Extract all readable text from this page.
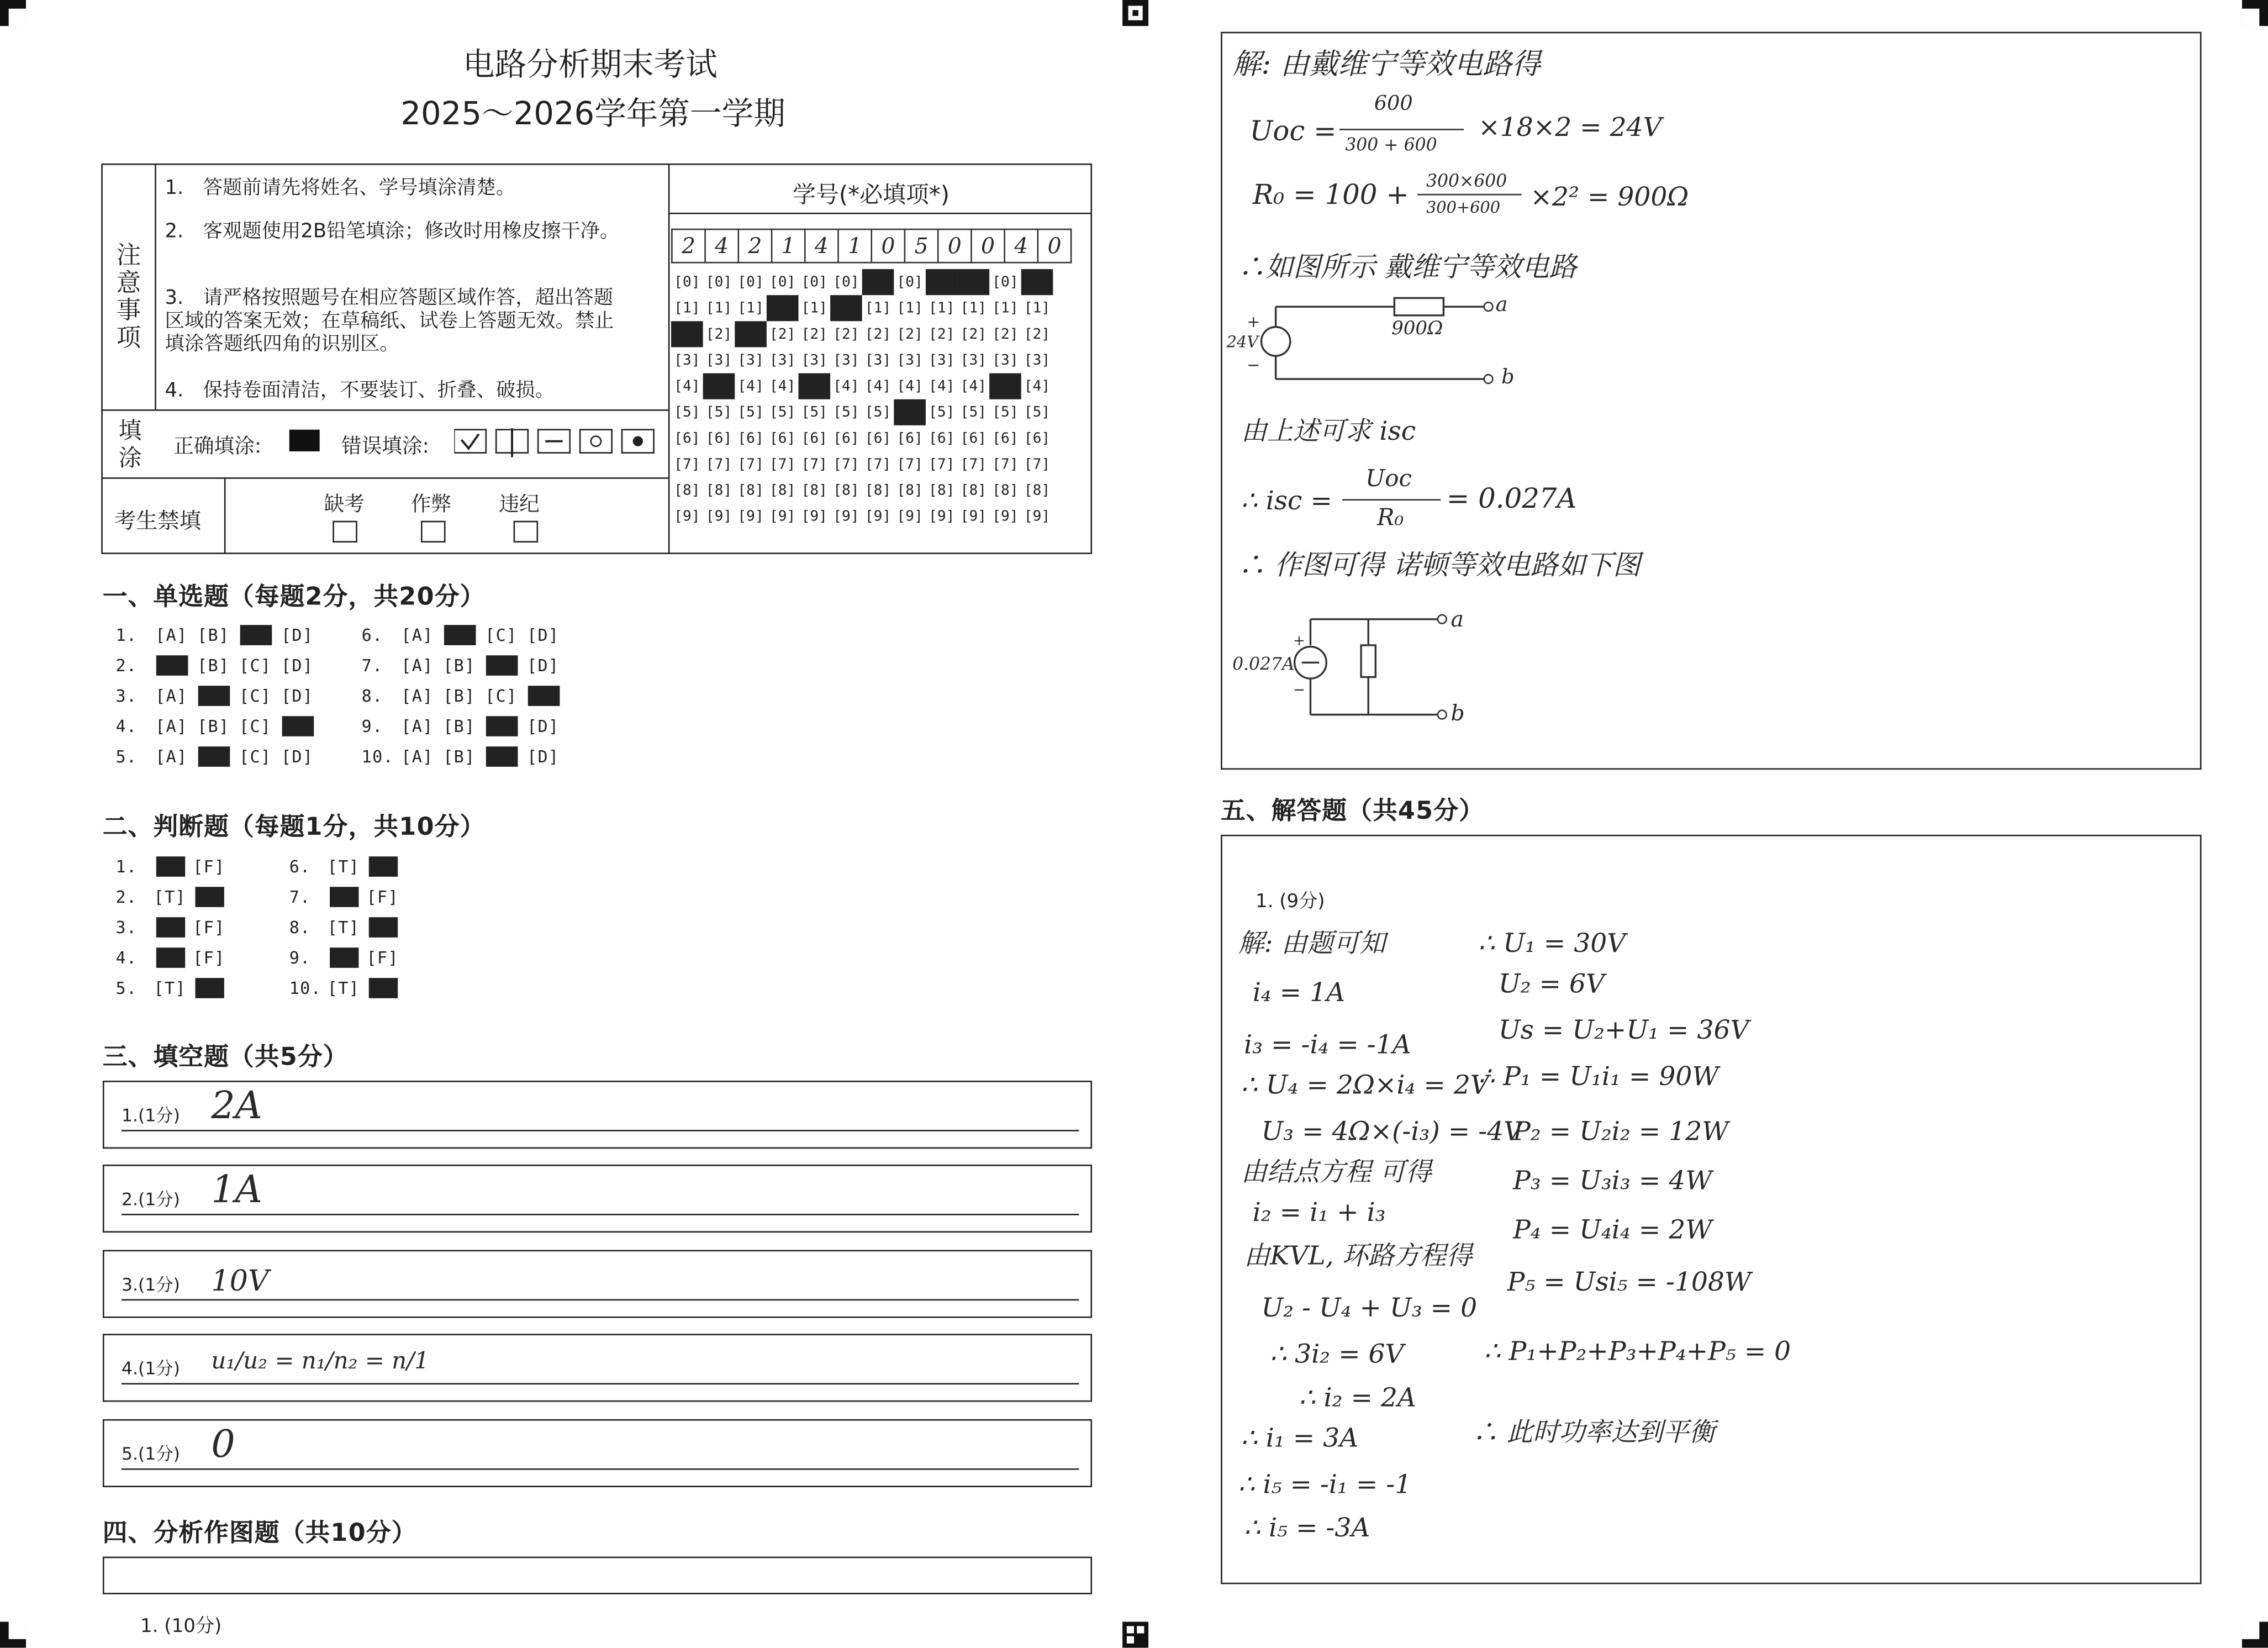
电路分析期末考试
2025～2026学年第一学期
注意事项
1.　答题前请先将姓名、学号填涂清楚。
2.　客观题使用2B铅笔填涂；修改时用橡皮擦干净。
3.　请严格按照题号在相应答题区域作答，超出答题区域的答案无效；在草稿纸、试卷上答题无效。禁止填涂答题纸四角的识别区。
4.　保持卷面清洁，不要装订、折叠、破损。
填涂	正确填涂:	错误填涂:
考生禁填
缺考	作弊	违纪
学号(*必填项*)
2	4	2	1	4	1	0	5	0	0	4	0
[0]	[0]	[0]	[0]	[0]	[0]	[0]	[0]	[0]	[0]	[0]	[0]
[1]	[1]	[1]	[1]	[1]	[1]	[1]	[1]	[1]	[1]	[1]	[1]
[2]	[2]	[2]	[2]	[2]	[2]	[2]	[2]	[2]	[2]	[2]	[2]
[3]	[3]	[3]	[3]	[3]	[3]	[3]	[3]	[3]	[3]	[3]	[3]
[4]	[4]	[4]	[4]	[4]	[4]	[4]	[4]	[4]	[4]	[4]	[4]
[5]	[5]	[5]	[5]	[5]	[5]	[5]	[5]	[5]	[5]	[5]	[5]
[6]	[6]	[6]	[6]	[6]	[6]	[6]	[6]	[6]	[6]	[6]	[6]
[7]	[7]	[7]	[7]	[7]	[7]	[7]	[7]	[7]	[7]	[7]	[7]
[8]	[8]	[8]	[8]	[8]	[8]	[8]	[8]	[8]	[8]	[8]	[8]
[9]	[9]	[9]	[9]	[9]	[9]	[9]	[9]	[9]	[9]	[9]	[9]
一、单选题（每题2分，共20分）
1.	[A] [B] [C] [D]
2.	[A] [B] [C] [D]
3.	[A] [B] [C] [D]
4.	[A] [B] [C] [D]
5.	[A] [B] [C] [D]
6.	[A] [B] [C] [D]
7.	[A] [B] [C] [D]
8.	[A] [B] [C] [D]
9.	[A] [B] [C] [D]
10. [A] [B] [C] [D]
二、判断题（每题1分，共10分）
1.	[T] [F]
2.	[T] [F]
3.	[T] [F]
4.	[T] [F]
5.	[T] [F]
6.	[T] [F]
7.	[T] [F]
8.	[T] [F]
9.	[T] [F]
10. [T] [F]
三、填空题（共5分）
1.(1分) 2A
2.(1分) 1A
3.(1分)	10V
4.(1分)	u₁/u₂ = n₁/n₂ = n/1
5.(1分) 0
四、分析作图题（共10分）
1. (10分)
解: 由戴维宁等效电路得
Uoc =
600
300 + 600
×18×2 = 24V
R₀ = 100 +	300×600
300+600	×2² = 900Ω
∴如图所示 戴维宁等效电路
+
−
24V
900Ω
a
b
由上述可求 isc
∴ isc =
Uoc
R₀
= 0.027A
∴ 作图可得 诺顿等效电路如下图
+
−
0.027A
a
b
五、解答题（共45分）
1. (9分)
解: 由题可知
i₄ = 1A
i₃ = -i₄ = -1A
∴ U₄ = 2Ω×i₄ = 2V
U₃ = 4Ω×(-i₃) = -4V
由结点方程 可得
i₂ = i₁ + i₃
由KVL, 环路方程得
U₂ - U₄ + U₃ = 0
∴ 3i₂ = 6V
∴ i₂ = 2A
∴ i₁ = 3A
∴ i₅ = -i₁ = -1
∴ i₅ = -3A
∴ U₁ = 30V
U₂ = 6V
Us = U₂+U₁ = 36V
∴ P₁ = U₁i₁ = 90W
P₂ = U₂i₂ = 12W
P₃ = U₃i₃ = 4W
P₄ = U₄i₄ = 2W
P₅ = Usi₅ = -108W
∴ P₁+P₂+P₃+P₄+P₅ = 0
∴ 此时功率达到平衡
